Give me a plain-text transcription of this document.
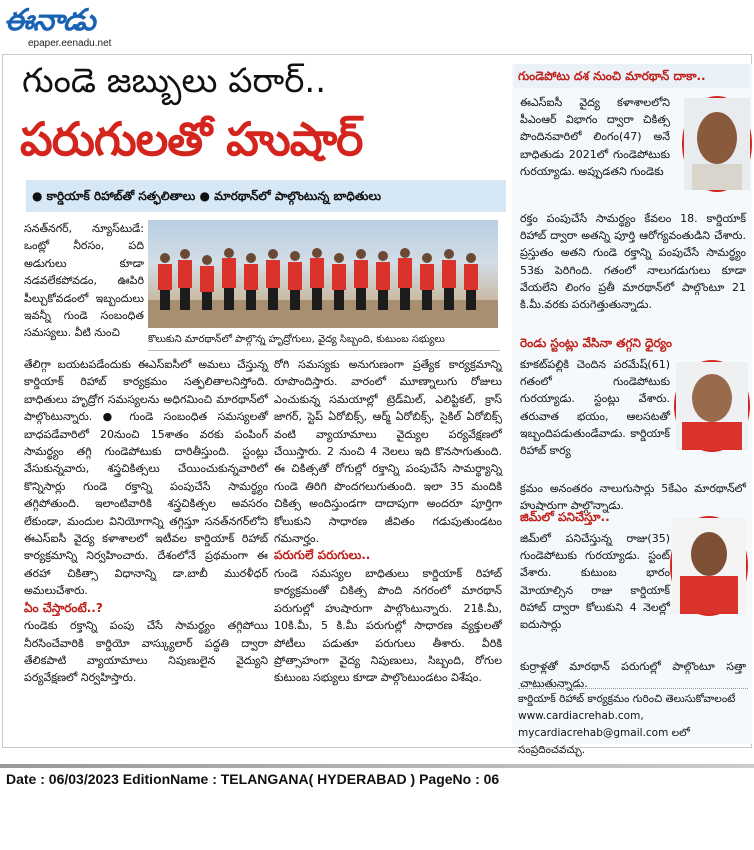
ఈనాడు
epaper.eenadu.net
గుండె జబ్బులు పరార్..
పరుగులతో హుషార్
● కార్డియాక్ రిహాబ్‌తో సత్ఫలితాలు ● మారథాన్‌లో పాల్గొంటున్న బాధితులు
కొలుకుని మారథాన్‌లో పాల్గొన్న హృద్రోగులు, వైద్య సిబ్బంది, కుటుంబ సభ్యులు

సనత్‌నగర్, న్యూస్‌టుడే: ఒంట్లో నీరసం, పది అడుగులు కూడా నడవలేకపోవడం, ఊపిరి పీల్చుకోవడంలో ఇబ్బందులు ఇవన్నీ గుండె సంబంధిత సమస్యలు. వీటి నుంచి

తేలిగ్గా బయటపడేందుకు ఈఎస్ఐసీలో అమలు చేస్తున్న కార్డియాక్ రిహాబ్ కార్యక్రమం సత్ఫలితాలనిస్తోంది. బాధితులు హృద్రోగ సమస్యలను అధిగమించి మారథాన్‌లో పాల్గొంటున్నారు. ● గుండె సంబంధిత సమస్యలతో బాధపడేవారిలో 20నుంచి 15శాతం వరకు పంపింగ్ సామర్థ్యం తగ్గి గుండెపోటుకు దారితీస్తుంది. స్టంట్లు వేసుకున్నవారు, శస్త్రచికిత్సలు చేయించుకున్నవారిలో కొన్నిసార్లు గుండె రక్తాన్ని పంపుచేసే సామర్థ్యం తగ్గిపోతుంది. ఇలాంటివారికి శస్త్రచికిత్సల అవసరం లేకుండా, మందుల వినియోగాన్ని తగ్గిస్తూ సనత్‌నగర్‌లోని ఈఎస్ఐసీ వైద్య కళాశాలలో ఇటీవల కార్డియాక్ రిహాబ్ కార్యక్రమాన్ని నిర్వహించారు. దేశంలోనే ప్రథమంగా ఈ తరహా చికిత్సా విధానాన్ని డా.బాబీ మురళీధర్ అమలుచేశారు.

ఏం చేస్తారంటే..?

గుండెకు రక్తాన్ని పంపు చేసే సామర్థ్యం తగ్గిపోయి నీరసించేవారికి కార్డియో వాస్క్యులార్ పద్ధతి ద్వారా తేలికపాటి వ్యాయామాలు నిపుణులైన వైద్యుని పర్యవేక్షణలో నిర్వహిస్తారు.

రోగి సమస్యకు అనుగుణంగా ప్రత్యేక కార్యక్రమాన్ని రూపొందిస్తారు. వారంలో మూణ్నాలుగు రోజులు ఎంచుకున్న సమయాల్లో ట్రెడ్‌మిల్, ఎలిప్టికల్, క్రాస్ జాగర్, స్టెప్ ఏరోబిక్స్, ఆర్మ్ ఏరోబిక్స్, సైకిల్ ఏరోబిక్స్ వంటి వ్యాయామాలు వైద్యుల పర్యవేక్షణలో చేయిస్తారు. 2 నుంచి 4 నెలలు ఇది కొనసాగుతుంది. ఈ చికిత్సతో రోగుల్లో రక్తాన్ని పంపుచేసే సామర్థ్యాన్ని గుండె తిరిగి పొందగలుగుతుంది. ఇలా 35 మందికి చికిత్స అందిస్తుండగా దాదాపుగా అందరూ పూర్తిగా కోలుకుని సాధారణ జీవితం గడుపుతుండటం గమనార్హం.

పరుగులే పరుగులు..

గుండె సమస్యల బాధితులు కార్డియాక్ రిహాబ్ కార్యక్రమంతో చికిత్స పొంది నగరంలో మారథాన్ పరుగుల్లో హుషారుగా పాల్గొంటున్నారు. 21కి.మీ, 10కి.మీ, 5 కి.మీ పరుగుల్లో సాధారణ వ్యక్తులతో పోటీలు పడుతూ పరుగులు తీశారు. వీరికి ప్రోత్సాహంగా వైద్య నిపుణులు, సిబ్బంది, రోగుల కుటుంబ సభ్యులు కూడా పాల్గొంటుండటం విశేషం.

గుండెపోటు దశ నుంచి మారథాన్ దాకా..
ఈఎస్ఐసీ వైద్య కళాశాలలోని పీఎంఆర్ విభాగం ద్వారా చికిత్స పొందినవారిలో లింగం(47) అనే బాధితుడు 2021లో గుండెపోటుకు గురయ్యాడు. అప్పుడతని గుండెకు
రక్తం పంపుచేసే సామర్థ్యం కేవలం 18. కార్డియాక్ రిహాబ్ ద్వారా అతన్ని పూర్తి ఆరోగ్యవంతుడిని చేశారు. ప్రస్తుతం అతని గుండె రక్తాన్ని పంపుచేసే సామర్థ్యం 53కు పెరిగింది. గతంలో నాలుగడుగులు కూడా వేయలేని లింగం ప్రతీ మారథాన్‌లో పాల్గొంటూ 21 కి.మీ.వరకు పరుగెత్తుతున్నాడు.
రెండు స్టంట్లు వేసినా తగ్గని ధైర్యం
కూకట్‌పల్లికి చెందిన పరమేష్(61) గతంలో గుండెపోటుకు గురయ్యాడు. స్టంట్లు వేశారు. తరువాత భయం, ఆలసటతో ఇబ్బందిపడుతుండేవాడు. కార్డియాక్ రిహాబ్ కార్య
క్రమం అనంతరం నాలుగుసార్లు 5కేఎం మారథాన్‌లో హుషారుగా పాల్గొన్నాడు.
జిమ్‌లో పనిచేస్తూ..
జిమ్‌లో పనిచేస్తున్న రాజు(35) గుండెపోటుకు గురయ్యాడు. స్టంట్ వేశారు. కుటుంబ భారం మోయాల్సిన రాజు కార్డియాక్ రిహాబ్ ద్వారా కోలుకుని 4 నెలల్లో ఐదుసార్లు
కుర్రాళ్లతో మారథాన్ పరుగుల్లో పాల్గొంటూ సత్తా చాటుతున్నాడు.
కార్డియాక్ రిహాబ్ కార్యక్రమం గురించి తెలుసుకోవాలంటే www.cardiacrehab.com, mycardiacrehab@gmail.com లలో సంప్రదించవచ్చు.
Date : 06/03/2023 EditionName : TELANGANA( HYDERABAD ) PageNo : 06
